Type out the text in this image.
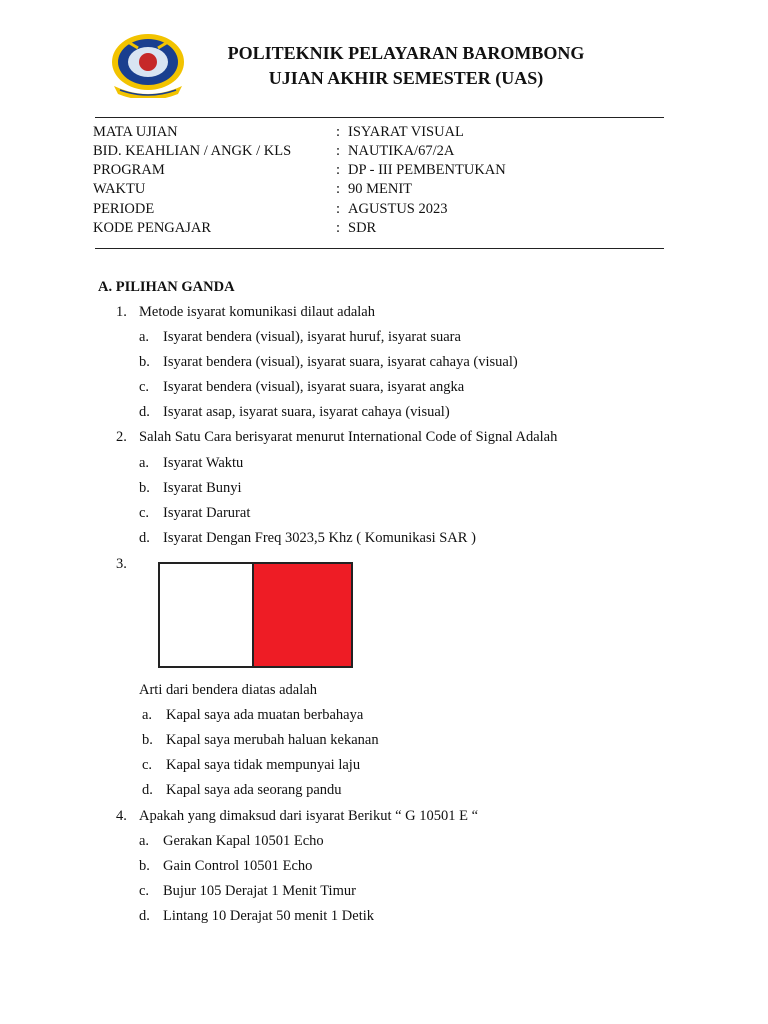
POLITEKNIK PELAYARAN BAROMBONG
UJIAN AKHIR SEMESTER (UAS)
MATA UJIAN	: ISYARAT VISUAL
BID. KEAHLIAN / ANGK / KLS	: NAUTIKA/67/2A
PROGRAM	: DP - III PEMBENTUKAN
WAKTU	: 90 MENIT
PERIODE	: AGUSTUS 2023
KODE PENGAJAR	: SDR
A. PILIHAN GANDA
1. Metode isyarat komunikasi dilaut adalah
a. Isyarat bendera (visual), isyarat huruf, isyarat suara
b. Isyarat bendera (visual), isyarat suara, isyarat cahaya (visual)
c. Isyarat bendera (visual), isyarat suara, isyarat angka
d. Isyarat asap, isyarat suara, isyarat cahaya (visual)
2. Salah Satu Cara berisyarat menurut International Code of Signal Adalah
a. Isyarat Waktu
b. Isyarat Bunyi
c. Isyarat Darurat
d. Isyarat Dengan Freq 3023,5 Khz ( Komunikasi SAR )
3.
Arti dari bendera diatas adalah
a. Kapal saya ada muatan berbahaya
b. Kapal saya merubah haluan kekanan
c. Kapal saya tidak mempunyai laju
d. Kapal saya ada seorang pandu
4. Apakah yang dimaksud dari isyarat Berikut “ G 10501 E “
a. Gerakan Kapal 10501 Echo
b. Gain Control 10501 Echo
c. Bujur 105 Derajat 1 Menit Timur
d. Lintang 10 Derajat 50 menit 1 Detik
